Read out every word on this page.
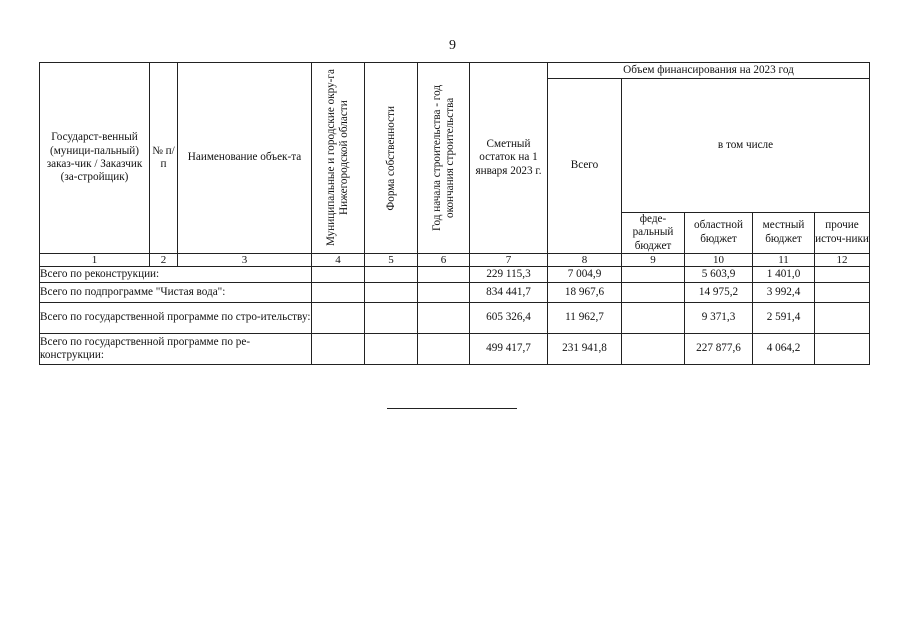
9
Государст-венный (муници-пальный) заказ-чик / Заказчик (за-стройщик)	№ п/п	Наименование объек-та	Муниципальные и городские окру-га Нижегородской области	Форма собственности	Год начала строительства - год окончания строительства	Сметный остаток на 1 января 2023 г.	Объем финансирования на 2023 год				
							Всего	в том числе			
								феде-ральный бюджет	областной бюджет	местный бюджет	прочие источ-ники
1	2	3	4	5	6	7	8	9	10	11	12
Всего по реконструкции:						229 115,3	7 004,9		5 603,9	1 401,0	
Всего по подпрограмме "Чистая вода":						834 441,7	18 967,6		14 975,2	3 992,4	
Всего по государственной программе по стро-ительству:						605 326,4	11 962,7		9 371,3	2 591,4	
Всего по государственной программе по ре-конструкции:						499 417,7	231 941,8		227 877,6	4 064,2	
